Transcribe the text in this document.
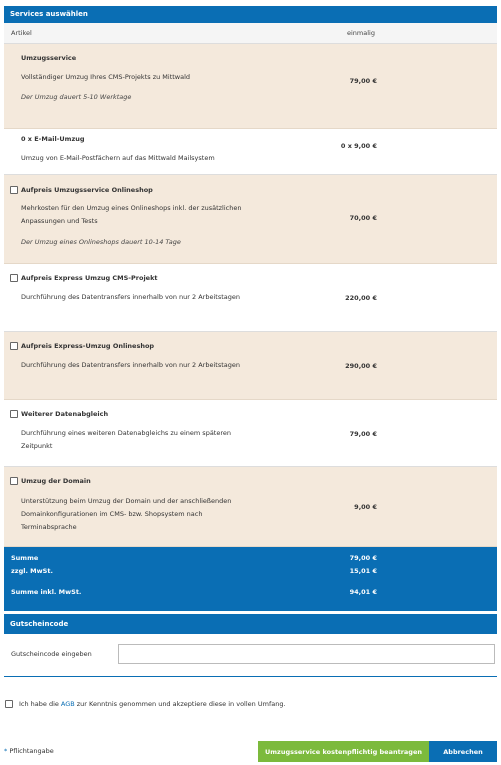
Services auswählen
Artikel	einmalig
Umzugsservice
Vollständiger Umzug Ihres CMS-Projekts zu Mittwald
Der Umzug dauert 5-10 Werktage
79,00 €
0 x E-Mail-Umzug
Umzug von E-Mail-Postfächern auf das Mittwald Mailsystem
0 x 9,00 €
Aufpreis Umzugsservice Onlineshop
Mehrkosten für den Umzug eines Onlineshops inkl. der zusätzlichen Anpassungen und Tests
Der Umzug eines Onlineshops dauert 10-14 Tage
70,00 €
Aufpreis Express Umzug CMS-Projekt
Durchführung des Datentransfers innerhalb von nur 2 Arbeitstagen	220,00 €
Aufpreis Express-Umzug Onlineshop
Durchführung des Datentransfers innerhalb von nur 2 Arbeitstagen	290,00 €
Weiterer Datenabgleich
Durchführung eines weiteren Datenabgleichs zu einem späteren Zeitpunkt
79,00 €
Umzug der Domain
Unterstützung beim Umzug der Domain und der anschließenden Domainkonfigurationen im CMS- bzw. Shopsystem nach Terminabsprache
9,00 €
Summe	79,00 €
zzgl. MwSt.	15,01 €
Summe inkl. MwSt.	94,01 €
Gutscheincode
Gutscheincode eingeben
Ich habe die AGB zur Kenntnis genommen und akzeptiere diese in vollen Umfang.
* Pflichtangabe	Umzugsservice kostenpflichtig beantragen	Abbrechen
